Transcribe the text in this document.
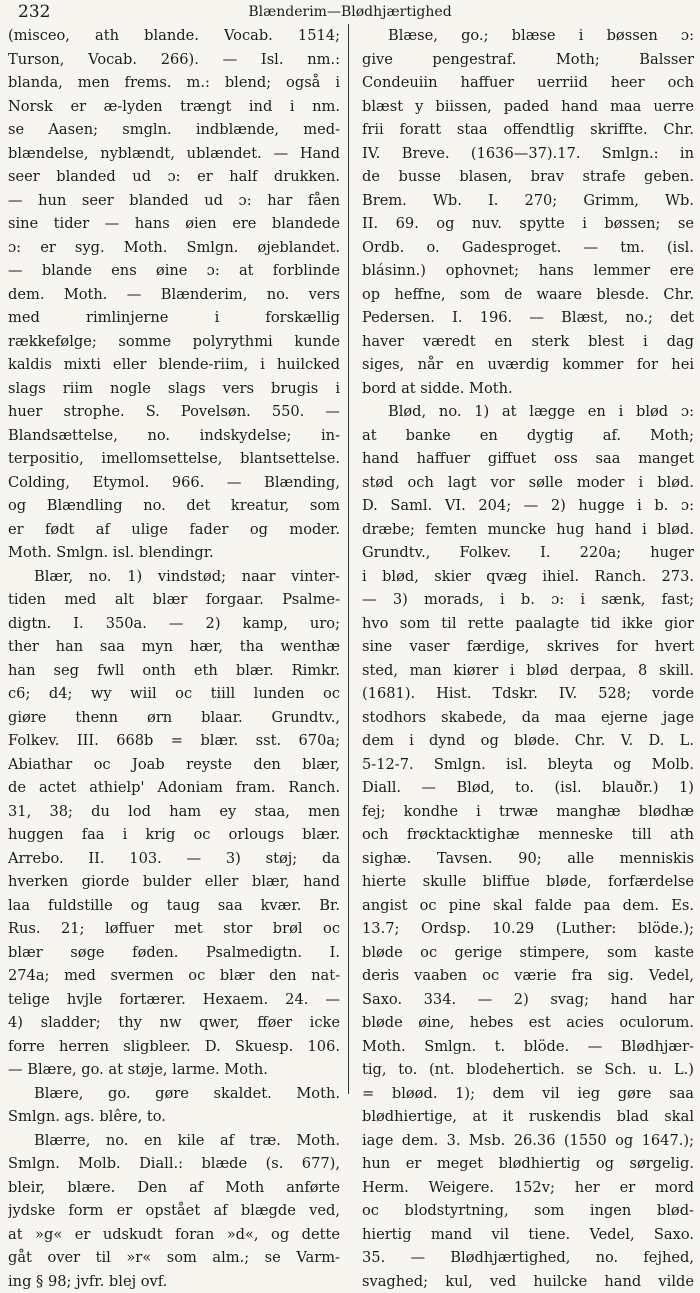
232	Blænderim—Blødhjærtighed
(misceo, ath blande. Vocab. 1514;
Turson, Vocab. 266). — Isl. nm.:
blanda, men frems. m.: blend; også i
Norsk er æ-lyden trængt ind i nm.
se Aasen; smgln. indblænde, med-
blændelse, nyblændt, ublændet. — Hand
seer blanded ud ɔ: er half drukken.
— hun seer blanded ud ɔ: har fåen
sine tider — hans øien ere blandede
ɔ: er syg. Moth. Smlgn. øjeblandet.
— blande ens øine ɔ: at forblinde
dem. Moth. — Blænderim, no. vers
med rimlinjerne i forskællig
rækkefølge; somme polyrythmi kunde
kaldis mixti eller blende-riim, i huilcked
slags riim nogle slags vers brugis i
huer strophe. S. Povelsøn. 550. —
Blandsættelse, no. indskydelse; in-
terpositio, imellomsettelse, blantsettelse.
Colding, Etymol. 966. — Blænding,
og Blændling no. det kreatur, som
er født af ulige fader og moder.
Moth. Smlgn. isl. blendingr.
Blær, no. 1) vindstød; naar vinter-
tiden med alt blær forgaar. Psalme-
digtn. I. 350a. — 2) kamp, uro;
ther han saa myn hær, tha wenthæ
han seg fwll onth eth blær. Rimkr.
c6; d4; wy wiil oc tiill lunden oc
giøre thenn ørn blaar. Grundtv.,
Folkev. III. 668b = blær. sst. 670a;
Abiathar oc Joab reyste den blær,
de actet athielp' Adoniam fram. Ranch.
31, 38; du lod ham ey staa, men
huggen faa i krig oc orlougs blær.
Arrebo. II. 103. — 3) støj; da
hverken giorde bulder eller blær, hand
laa fuldstille og taug saa kvær. Br.
Rus. 21; løffuer met stor brøl oc
blær søge føden. Psalmedigtn. I.
274a; med svermen oc blær den nat-
telige hvjle fortærer. Hexaem. 24. —
4) sladder; thy nw qwer, fføer icke
forre herren sligbleer. D. Skuesp. 106.
— Blære, go. at støje, larme. Moth.
Blære, go. gøre skaldet. Moth.
Smlgn. ags. blêre, to.
Blærre, no. en kile af træ. Moth.
Smlgn. Molb. Diall.: blæde (s. 677),
bleir, blære. Den af Moth anførte
jydske form er opstået af blægde ved,
at »g« er udskudt foran »d«, og dette
gåt over til »r« som alm.; se Varm-
ing § 98; jvfr. blej ovf.
Blæse, go.; blæse i bøssen ɔ:
give pengestraf. Moth; Balsser
Condeuiin haffuer uerriid heer och
blæst y biissen, paded hand maa uerre
frii foratt staa offendtlig skriffte. Chr.
IV. Breve. (1636—37).17. Smlgn.: in
de busse blasen, brav strafe geben.
Brem. Wb. I. 270; Grimm, Wb.
II. 69. og nuv. spytte i bøssen; se
Ordb. o. Gadesproget. — tm. (isl.
blásinn.) ophovnet; hans lemmer ere
op heffne, som de waare blesde. Chr.
Pedersen. I. 196. — Blæst, no.; det
haver væredt en sterk blest i dag
siges, når en uværdig kommer for hei
bord at sidde. Moth.
Blød, no. 1) at lægge en i blød ɔ:
at banke en dygtig af. Moth;
hand haffuer giffuet oss saa manget
stød och lagt vor sølle moder i blød.
D. Saml. VI. 204; — 2) hugge i b. ɔ:
dræbe; femten muncke hug hand i blød.
Grundtv., Folkev. I. 220a; huger
i blød, skier qvæg ihiel. Ranch. 273.
— 3) morads, i b. ɔ: i sænk, fast;
hvo som til rette paalagte tid ikke gior
sine vaser færdige, skrives for hvert
sted, man kiører i blød derpaa, 8 skill.
(1681). Hist. Tdskr. IV. 528; vorde
stodhors skabede, da maa ejerne jage
dem i dynd og bløde. Chr. V. D. L.
5-12-7. Smlgn. isl. bleyta og Molb.
Diall. — Blød, to. (isl. blauðr.) 1)
fej; kondhe i trwæ manghæ blødhæ
och frøcktacktighæ menneske till ath
sighæ. Tavsen. 90; alle menniskis
hierte skulle bliffue bløde, forfærdelse
angist oc pine skal falde paa dem. Es.
13.7; Ordsp. 10.29 (Luther: blöde.);
bløde oc gerige stimpere, som kaste
deris vaaben oc værie fra sig. Vedel,
Saxo. 334. — 2) svag; hand har
bløde øine, hebes est acies oculorum.
Moth. Smlgn. t. blöde. — Blødhjær-
tig, to. (nt. blodehertich. se Sch. u. L.)
= bløød. 1); dem vil ieg gøre saa
blødhiertige, at it ruskendis blad skal
iage dem. 3. Msb. 26.36 (1550 og 1647.);
hun er meget blødhiertig og sørgelig.
Herm. Weigere. 152v; her er mord
oc blodstyrtning, som ingen blød-
hiertig mand vil tiene. Vedel, Saxo.
35. — Blødhjærtighed, no. fejhed,
svaghed; kul, ved huilcke hand vilde
